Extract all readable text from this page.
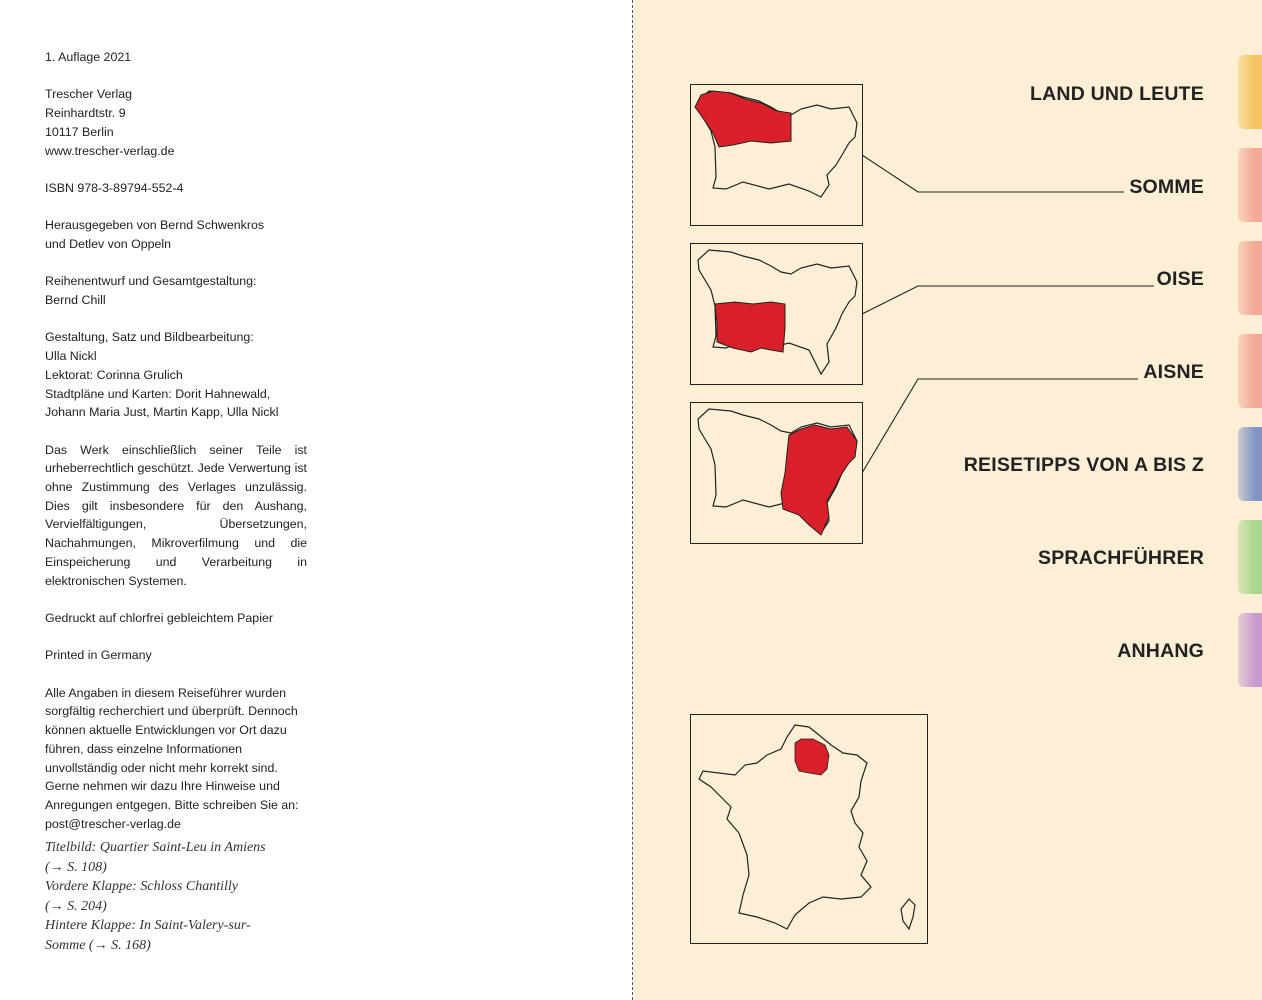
1. Auflage 2021

Trescher Verlag
Reinhardtstr. 9
10117 Berlin
www.trescher-verlag.de

ISBN 978-3-89794-552-4

Herausgegeben von Bernd Schwenkros
und Detlev von Oppeln

Reihenentwurf und Gesamtgestaltung:
Bernd Chill

Gestaltung, Satz und Bildbearbeitung:
Ulla Nickl
Lektorat: Corinna Grulich
Stadtpläne und Karten: Dorit Hahnewald,
Johann Maria Just, Martin Kapp, Ulla Nickl

Das Werk einschließlich seiner Teile ist urheberrechtlich geschützt. Jede Verwertung ist ohne Zustimmung des Verlages unzulässig. Dies gilt insbesondere für den Aushang, Vervielfältigungen, Übersetzungen, Nachahmungen, Mikroverfilmung und die Einspeicherung und Verarbeitung in elektronischen Systemen.

Gedruckt auf chlorfrei gebleichtem Papier

Printed in Germany

Alle Angaben in diesem Reiseführer wurden sorgfältig recherchiert und überprüft. Dennoch können aktuelle Entwicklungen vor Ort dazu führen, dass einzelne Informationen unvollständig oder nicht mehr korrekt sind. Gerne nehmen wir dazu Ihre Hinweise und Anregungen entgegen. Bitte schreiben Sie an: post@trescher-verlag.de

Titelbild: Quartier Saint-Leu in Amiens
(→ S. 108)
Vordere Klappe: Schloss Chantilly
(→ S. 204)
Hintere Klappe: In Saint-Valery-sur-
Somme (→ S. 168)
LAND UND LEUTE
SOMME
OISE
AISNE
REISETIPPS VON A BIS Z
SPRACHFÜHRER
ANHANG
